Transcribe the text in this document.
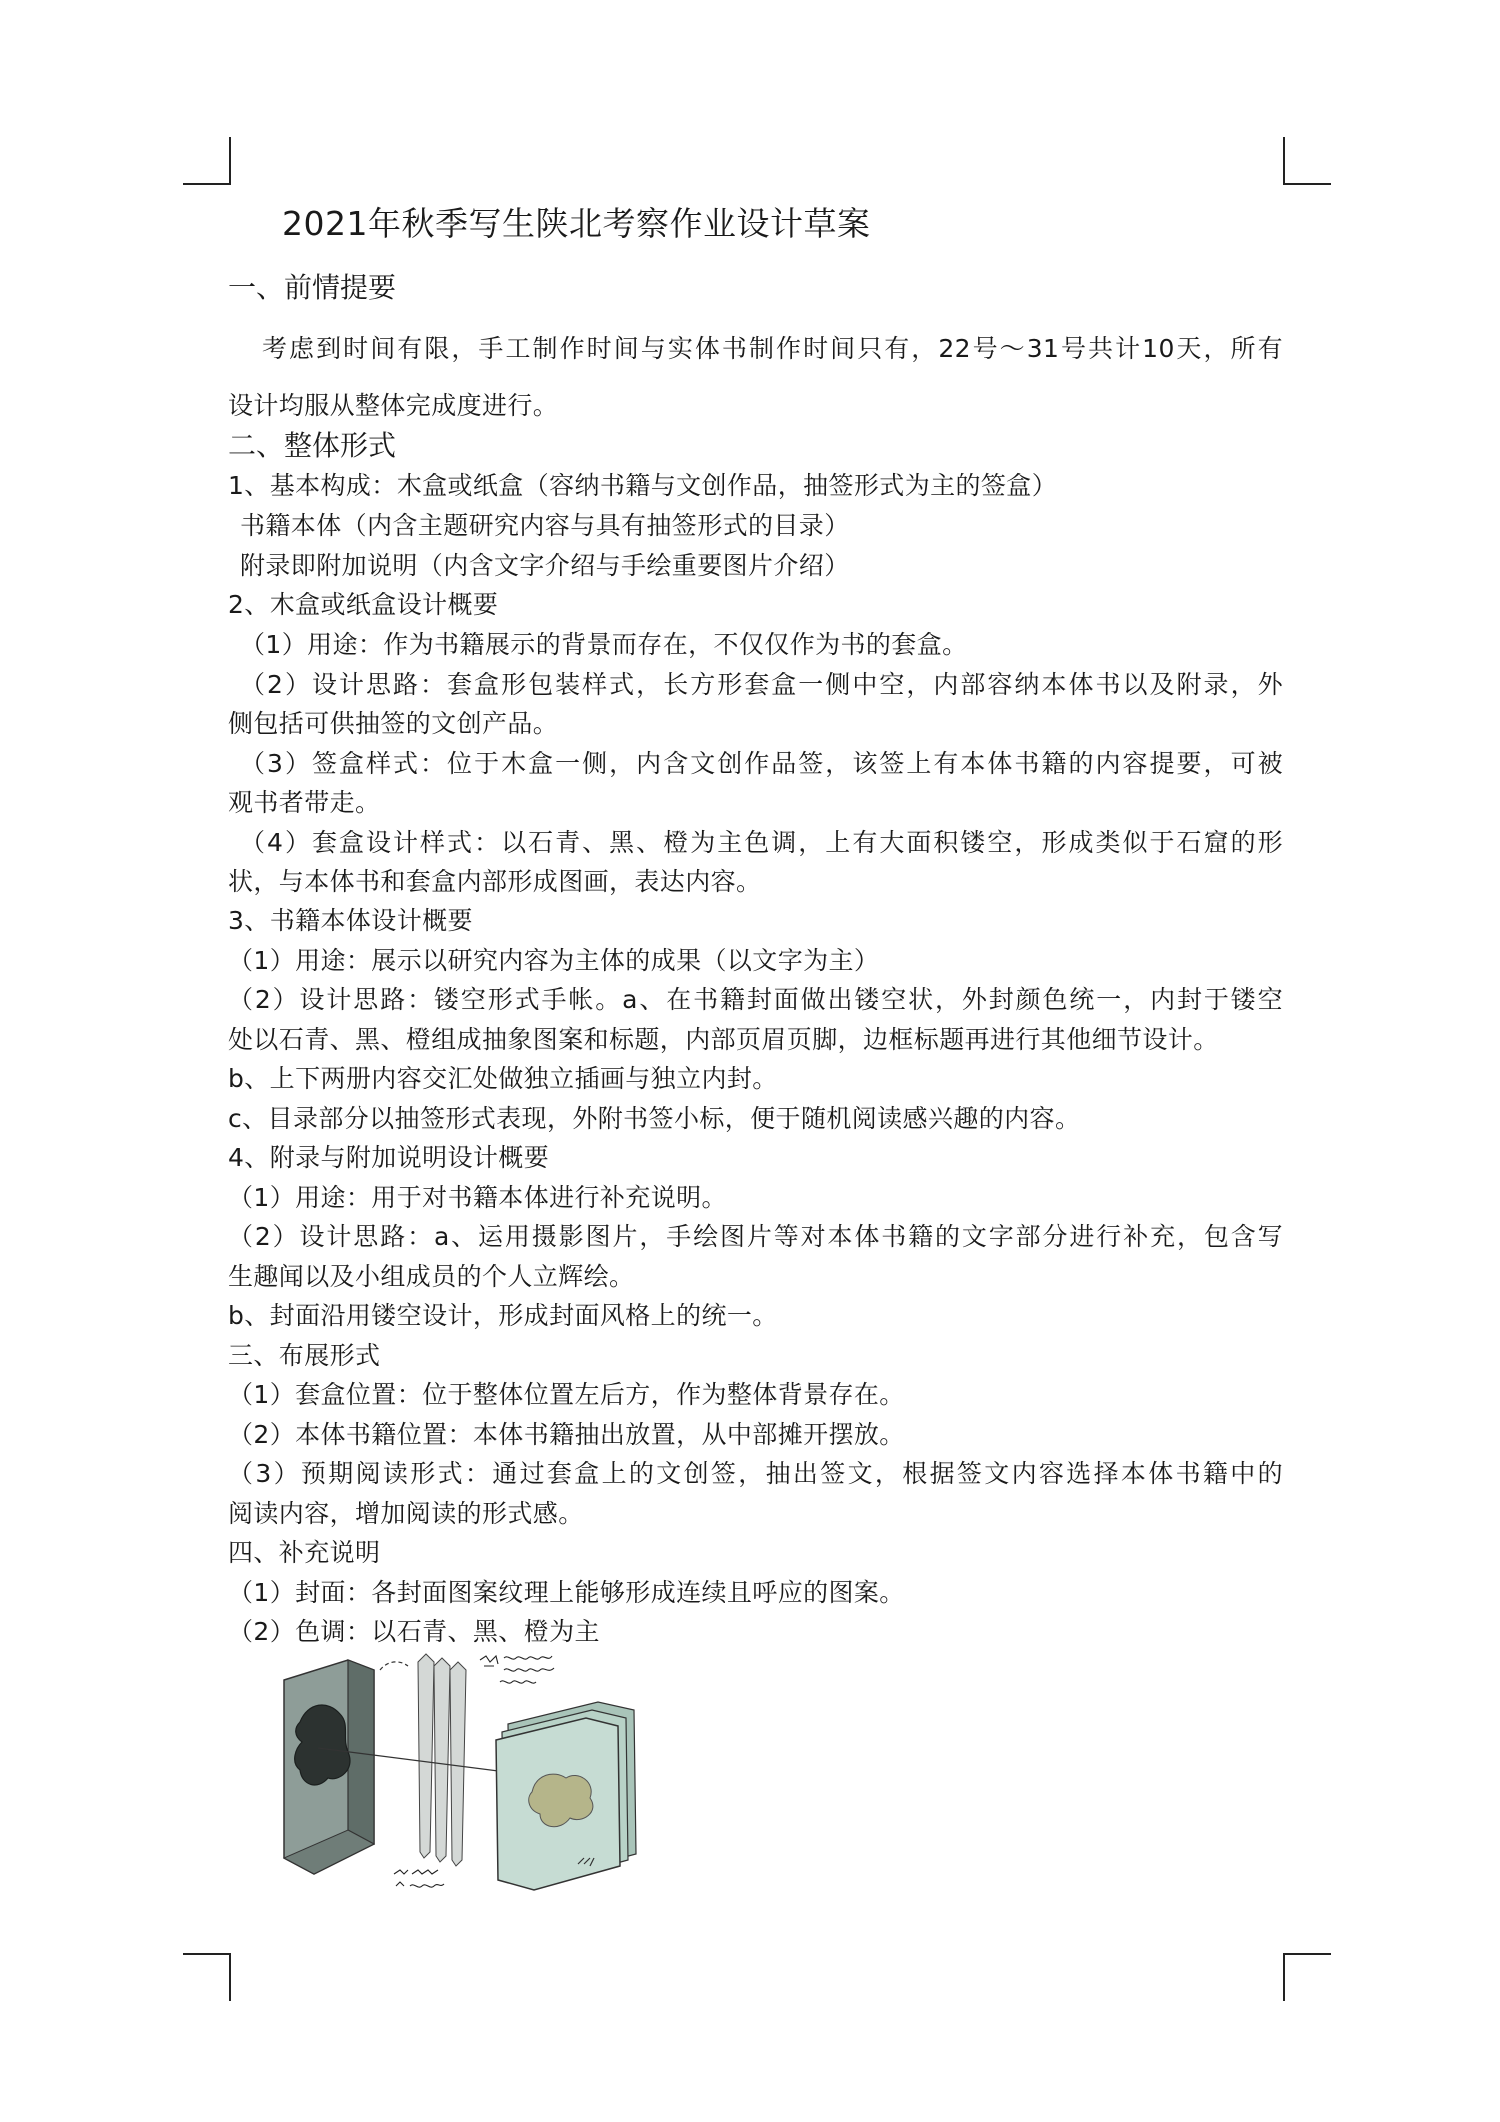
2021年秋季写生陕北考察作业设计草案
一、前情提要
考虑到时间有限，手工制作时间与实体书制作时间只有，22号～31号共计10天，所有
设计均服从整体完成度进行。
二、整体形式
1、基本构成：木盒或纸盒（容纳书籍与文创作品，抽签形式为主的签盒）
书籍本体（内含主题研究内容与具有抽签形式的目录）
附录即附加说明（内含文字介绍与手绘重要图片介绍）
2、木盒或纸盒设计概要
（1）用途：作为书籍展示的背景而存在，不仅仅作为书的套盒。
（2）设计思路：套盒形包装样式，长方形套盒一侧中空，内部容纳本体书以及附录，外
侧包括可供抽签的文创产品。
（3）签盒样式：位于木盒一侧，内含文创作品签，该签上有本体书籍的内容提要，可被
观书者带走。
（4）套盒设计样式：以石青、黑、橙为主色调，上有大面积镂空，形成类似于石窟的形
状，与本体书和套盒内部形成图画，表达内容。
3、书籍本体设计概要
（1）用途：展示以研究内容为主体的成果（以文字为主）
（2）设计思路：镂空形式手帐。a、在书籍封面做出镂空状，外封颜色统一，内封于镂空
处以石青、黑、橙组成抽象图案和标题，内部页眉页脚，边框标题再进行其他细节设计。
b、上下两册内容交汇处做独立插画与独立内封。
c、目录部分以抽签形式表现，外附书签小标，便于随机阅读感兴趣的内容。
4、附录与附加说明设计概要
（1）用途：用于对书籍本体进行补充说明。
（2）设计思路：a、运用摄影图片，手绘图片等对本体书籍的文字部分进行补充，包含写
生趣闻以及小组成员的个人立辉绘。
b、封面沿用镂空设计，形成封面风格上的统一。
三、布展形式
（1）套盒位置：位于整体位置左后方，作为整体背景存在。
（2）本体书籍位置：本体书籍抽出放置，从中部摊开摆放。
（3）预期阅读形式：通过套盒上的文创签，抽出签文，根据签文内容选择本体书籍中的
阅读内容，增加阅读的形式感。
四、补充说明
（1）封面：各封面图案纹理上能够形成连续且呼应的图案。
（2）色调：以石青、黑、橙为主
